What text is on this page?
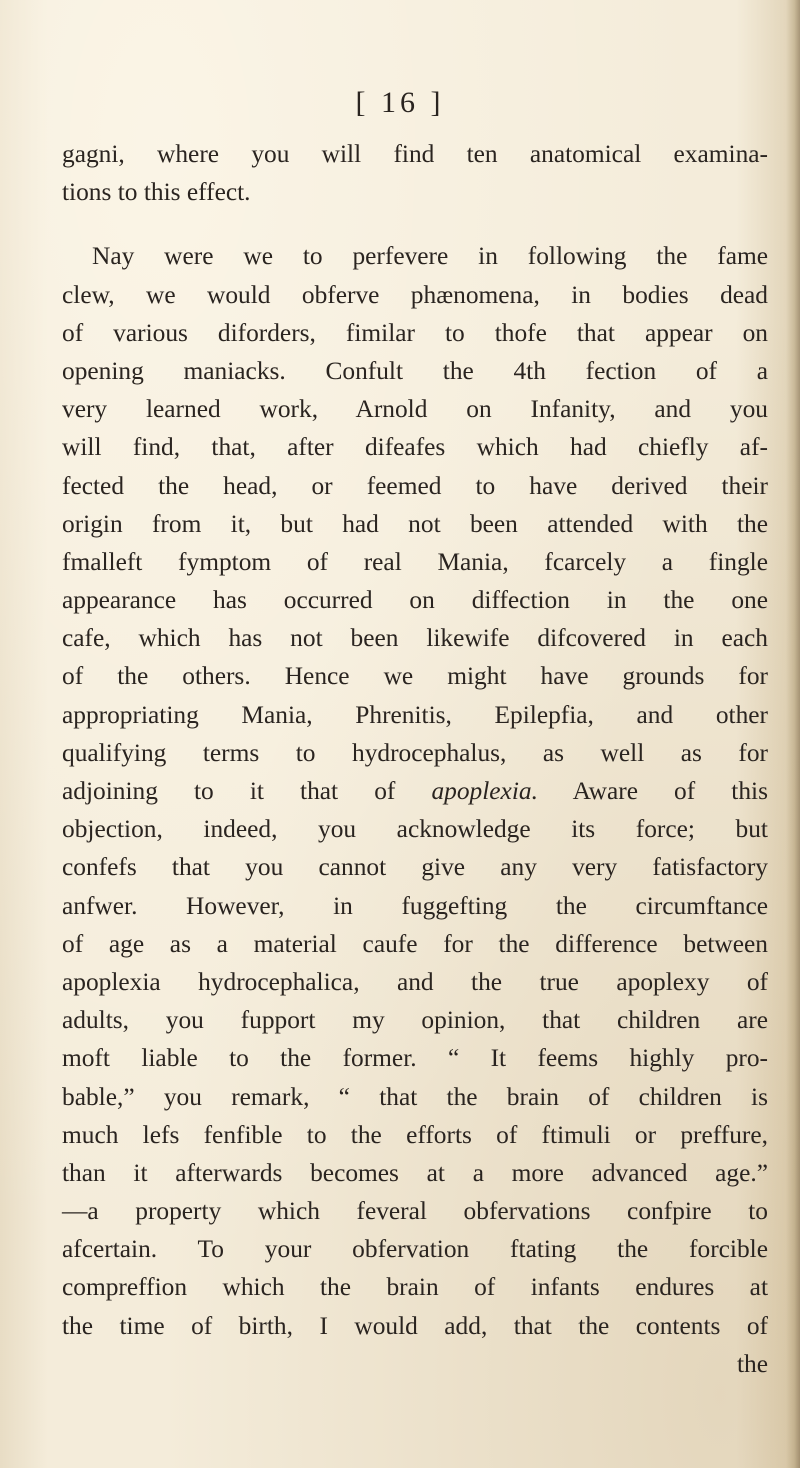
[ 16 ]
gagni, where you will find ten anatomical examina-
tions to this effect.
Nay were we to perfevere in following the fame
clew, we would obferve phænomena, in bodies dead
of various diforders, fimilar to thofe that appear on
opening maniacks. Confult the 4th fection of a
very learned work, Arnold on Infanity, and you
will find, that, after difeafes which had chiefly af-
fected the head, or feemed to have derived their
origin from it, but had not been attended with the
fmalleft fymptom of real Mania, fcarcely a fingle
appearance has occurred on diffection in the one
cafe, which has not been likewife difcovered in each
of the others. Hence we might have grounds for
appropriating Mania, Phrenitis, Epilepfia, and other
qualifying terms to hydrocephalus, as well as for
adjoining to it that of apoplexia. Aware of this
objection, indeed, you acknowledge its force; but
confefs that you cannot give any very fatisfactory
anfwer. However, in fuggefting the circumftance
of age as a material caufe for the difference between
apoplexia hydrocephalica, and the true apoplexy of
adults, you fupport my opinion, that children are
moft liable to the former. “ It feems highly pro-
bable,” you remark, “ that the brain of children is
much lefs fenfible to the efforts of ftimuli or preffure,
than it afterwards becomes at a more advanced age.”
—a property which feveral obfervations confpire to
afcertain. To your obfervation ftating the forcible
compreffion which the brain of infants endures at
the time of birth, I would add, that the contents of
the
